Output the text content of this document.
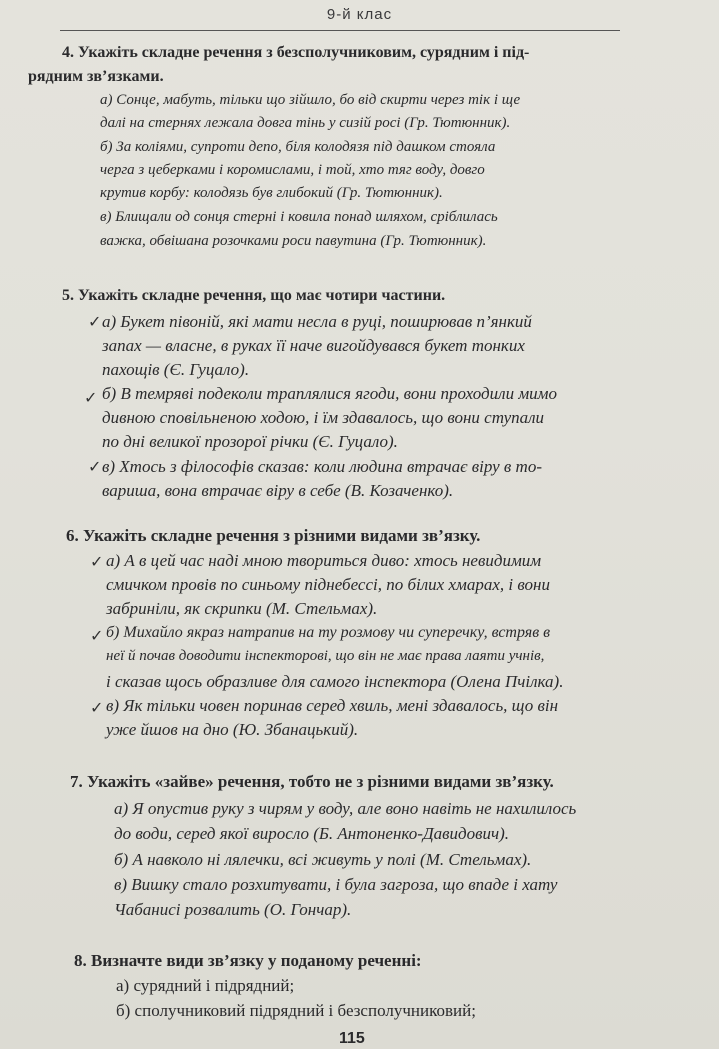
9-й клас
4. Укажіть складне речення з безсполучниковим, сурядним і під-
рядним зв’язками.
а) Сонце, мабуть, тільки що зійшло, бо від скирти через тік і ще
далі на стернях лежала довга тінь у сизій росі (Гр. Тютюнник).
б) За коліями, супроти депо, біля колодязя під дашком стояла
черга з цеберками і коромислами, і той, хто тяг воду, довго
крутив корбу: колодязь був глибокий (Гр. Тютюнник).
в) Блищали од сонця стерні і ковила понад шляхом, сріблилась
важка, обвішана розочками роси павутина (Гр. Тютюнник).
5. Укажіть складне речення, що має чотири частини.
✓ а) Букет півоній, які мати несла в руці, поширював п’янкий
запах — власне, в руках її наче вигойдувався букет тонких
пахощів (Є. Гуцало).
✓ б) В темряві подеколи траплялися ягоди, вони проходили мимо
дивною сповільненою ходою, і їм здавалось, що вони ступали
по дні великої прозорої річки (Є. Гуцало).
✓ в) Хтось з філософів сказав: коли людина втрачає віру в то-
вариша, вона втрачає віру в себе (В. Козаченко).
6. Укажіть складне речення з різними видами зв’язку.
✓ а) А в цей час наді мною твориться диво: хтось невидимим
смичком провів по синьому піднебессі, по білих хмарах, і вони
забриніли, як скрипки (М. Стельмах).
✓ б) Михайло якраз натрапив на ту розмову чи суперечку, встряв в
неї й почав доводити інспекторові, що він не має права лаяти учнів,
і сказав щось образливе для самого інспектора (Олена Пчілка).
✓ в) Як тільки човен поринав серед хвиль, мені здавалось, що він
уже йшов на дно (Ю. Збанацький).
7. Укажіть «зайве» речення, тобто не з різними видами зв’язку.
а) Я опустив руку з чирям у воду, але воно навіть не нахилилось
до води, серед якої виросло (Б. Антоненко-Давидович).
б) А навколо ні лялечки, всі живуть у полі (М. Стельмах).
в) Вишку стало розхитувати, і була загроза, що впаде і хату
Чабанисі розвалить (О. Гончар).
8. Визначте види зв’язку у поданому реченні:
а) сурядний і підрядний;
б) сполучниковий підрядний і безсполучниковий;
115
